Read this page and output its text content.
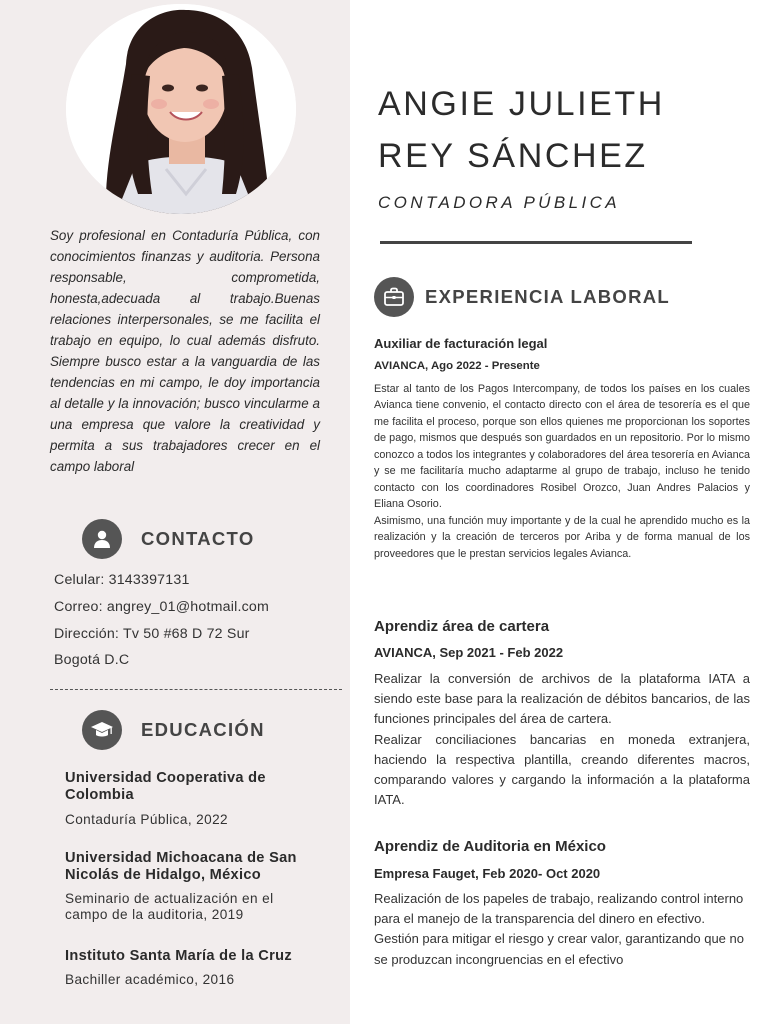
Soy profesional en Contaduría Pública, con conocimientos finanzas y auditoria. Persona responsable, comprometida, honesta,adecuada al trabajo.Buenas relaciones interpersonales, se me facilita el trabajo en equipo, lo cual además disfruto. Siempre busco estar a la vanguardia de las tendencias en mi campo, le doy importancia al detalle y la innovación; busco vincularme a una empresa que valore la creatividad y permita a sus trabajadores crecer en el campo laboral
CONTACTO
Celular: 3143397131
Correo: angrey_01@hotmail.com
Dirección: Tv 50 #68 D 72 Sur
Bogotá D.C
EDUCACIÓN
Universidad Cooperativa de Colombia
Contaduría Pública, 2022
Universidad Michoacana de San Nicolás de Hidalgo, México
Seminario de actualización en el campo de la auditoria, 2019
Instituto Santa María de la Cruz
Bachiller académico, 2016
ANGIE JULIETH
REY SÁNCHEZ
CONTADORA PÚBLICA
EXPERIENCIA LABORAL
Auxiliar de facturación legal
AVIANCA, Ago 2022 - Presente

Estar al tanto de los Pagos Intercompany, de todos los países en los cuales Avianca tiene convenio, el contacto directo con el área de tesorería es el que me facilita el proceso, porque son ellos quienes me proporcionan los soportes de pago, mismos que después son guardados en un repositorio. Por lo mismo conozco a todos los integrantes y colaboradores del área tesorería en Avianca y se me facilitaría mucho adaptarme al grupo de trabajo, incluso he tenido contacto con los coordinadores Rosibel Orozco, Juan Andres Palacios y Eliana Osorio.

Asimismo, una función muy importante y de la cual he aprendido mucho es la realización y la creación de terceros por Ariba y de forma manual de los proveedores que le prestan servicios legales Avianca.

Aprendiz área de cartera
AVIANCA, Sep 2021 - Feb 2022

Realizar la conversión de archivos de la plataforma IATA a siendo este base para la realización de débitos bancarios, de las funciones principales del área de cartera.

Realizar conciliaciones bancarias en moneda extranjera, haciendo la respectiva plantilla, creando diferentes macros, comparando valores y cargando la información a la plataforma IATA.

Aprendiz de Auditoria en México
Empresa Fauget, Feb 2020- Oct 2020

Realización de los papeles de trabajo, realizando control interno para el manejo de la transparencia del dinero en efectivo.

Gestión para mitigar el riesgo y crear valor, garantizando que no se produzcan incongruencias en el efectivo
